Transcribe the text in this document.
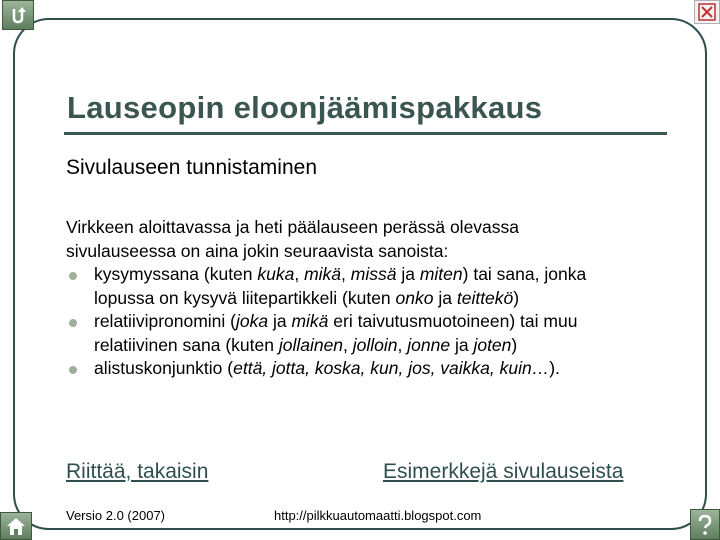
Lauseopin eloonjäämispakkaus
Sivulauseen tunnistaminen

Virkkeen aloittavassa ja heti päälauseen perässä olevassa

sivulauseessa on aina jokin seuraavista sanoista:

kysymyssana (kuten kuka, mikä, missä ja miten) tai sana, jonka
lopussa on kysyvä liitepartikkeli (kuten onko ja teittekö)
relatiivipronomini (joka ja mikä eri taivutusmuotoineen) tai muu
relatiivinen sana (kuten jollainen, jolloin, jonne ja joten)
alistuskonjunktio (että, jotta, koska, kun, jos, vaikka, kuin…).
Riittää, takaisin	Esimerkkejä sivulauseista
Versio 2.0 (2007)	http://pilkkuautomaatti.blogspot.com
